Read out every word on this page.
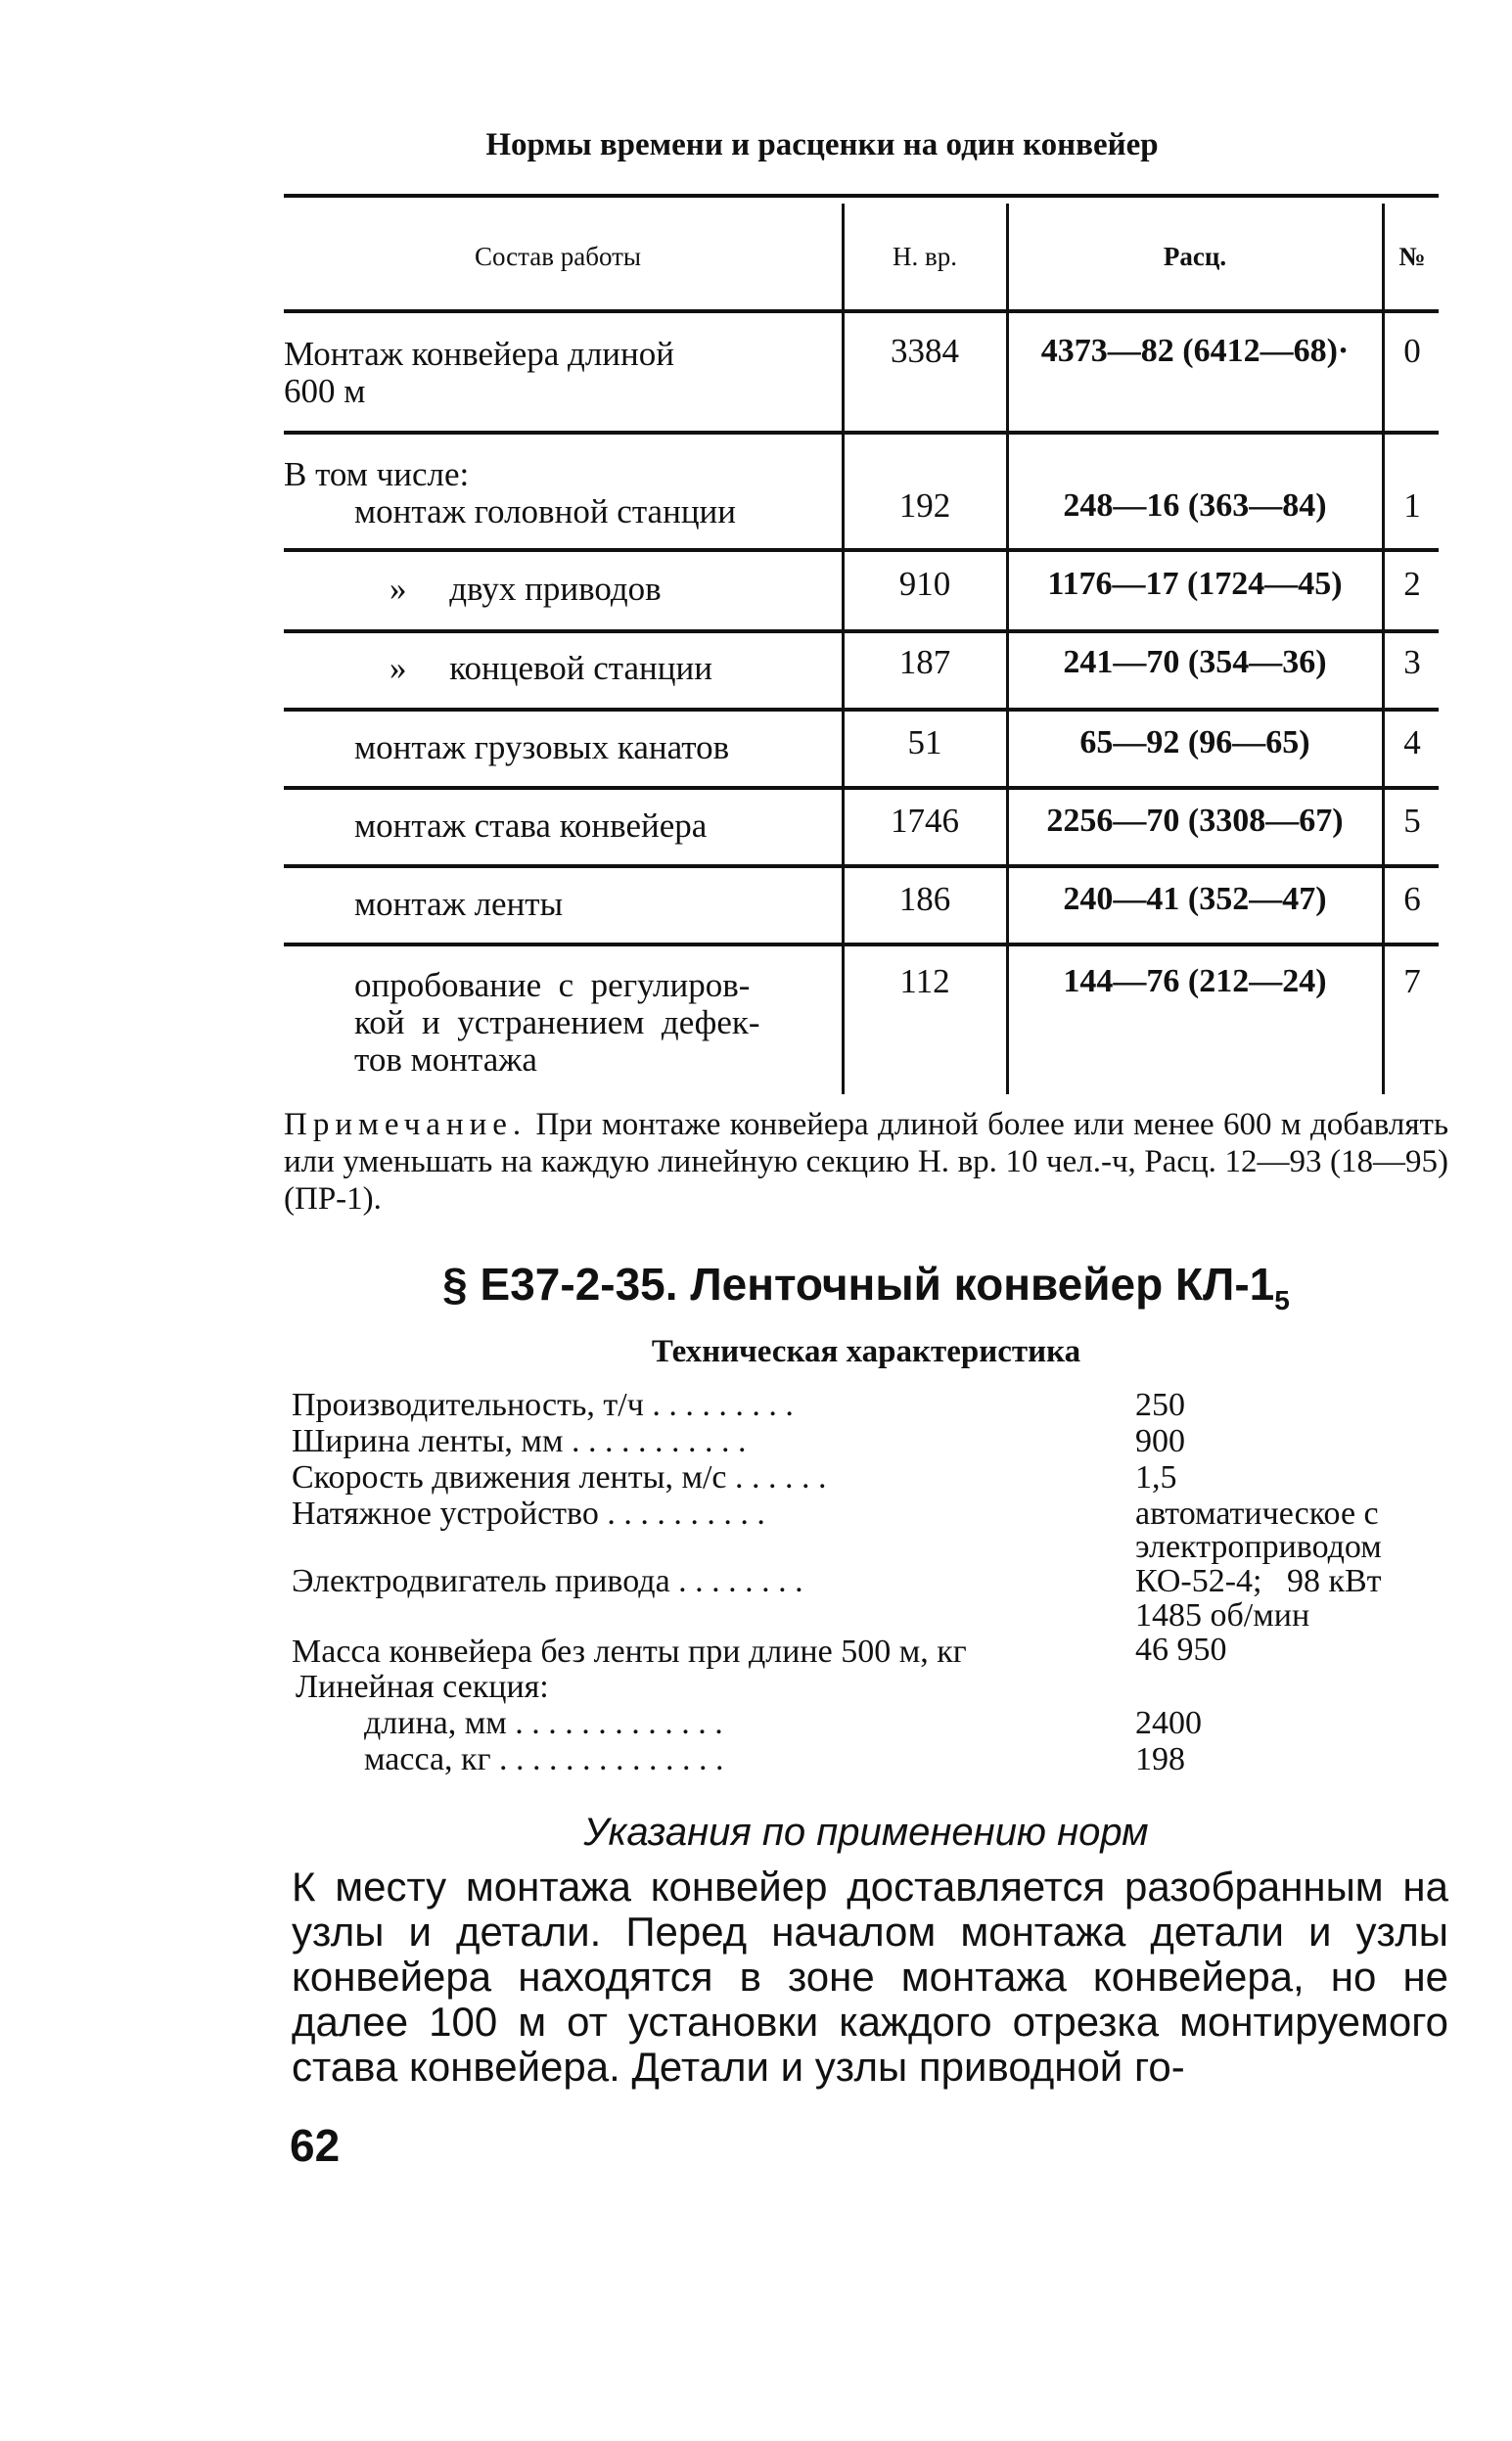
Нормы времени и расценки на один конвейер
Состав работы	Н. вр.	Расц.	№
Монтаж конвейера длиной
600 м
3384	4373—82 (6412—68)·	0
В том числе:
монтаж головной станции	192	248—16 (363—84)	1
»     двух приводов	910	1176—17 (1724—45)	2
»     концевой станции	187	241—70 (354—36)	3
монтаж грузовых канатов	51	65—92 (96—65)	4
монтаж става конвейера	1746	2256—70 (3308—67)	5
монтаж ленты	186	240—41 (352—47)	6
опробование  с  регулиров-
кой  и  устранением  дефек-
тов монтажа
112	144—76 (212—24)	7
Примечание. При монтаже конвейера длиной более или менее 600 м добавлять или уменьшать на каждую линейную секцию Н. вр. 10 чел.-ч, Расц. 12—93 (18—95) (ПР-1).
§ Е37-2-35. Ленточный конвейер $КЛ-1_5$
Техническая характеристика
Производительность, т/ч . . . . . . . . .	250
Ширина ленты, мм . . . . . . . . . . .	900
Скорость движения ленты, м/с . . . . . .	1,5
Натяжное устройство . . . . . . . . . .	автоматическое с
электроприводом
Электродвигатель привода . . . . . . . .	КО-52-4;   98 кВт
1485 об/мин
Масса конвейера без ленты при длине 500 м, кг	46 950
Линейная секция:
длина, мм . . . . . . . . . . . . .	2400
масса, кг . . . . . . . . . . . . . .	198
Указания по применению норм
К месту монтажа конвейер доставляется разобранным на узлы и детали. Перед началом монтажа детали и узлы конвейера находятся в зоне монтажа конвейера, но не далее 100 м от установки каждого отрезка монтируемого става конвейера. Детали и узлы приводной го-
62
